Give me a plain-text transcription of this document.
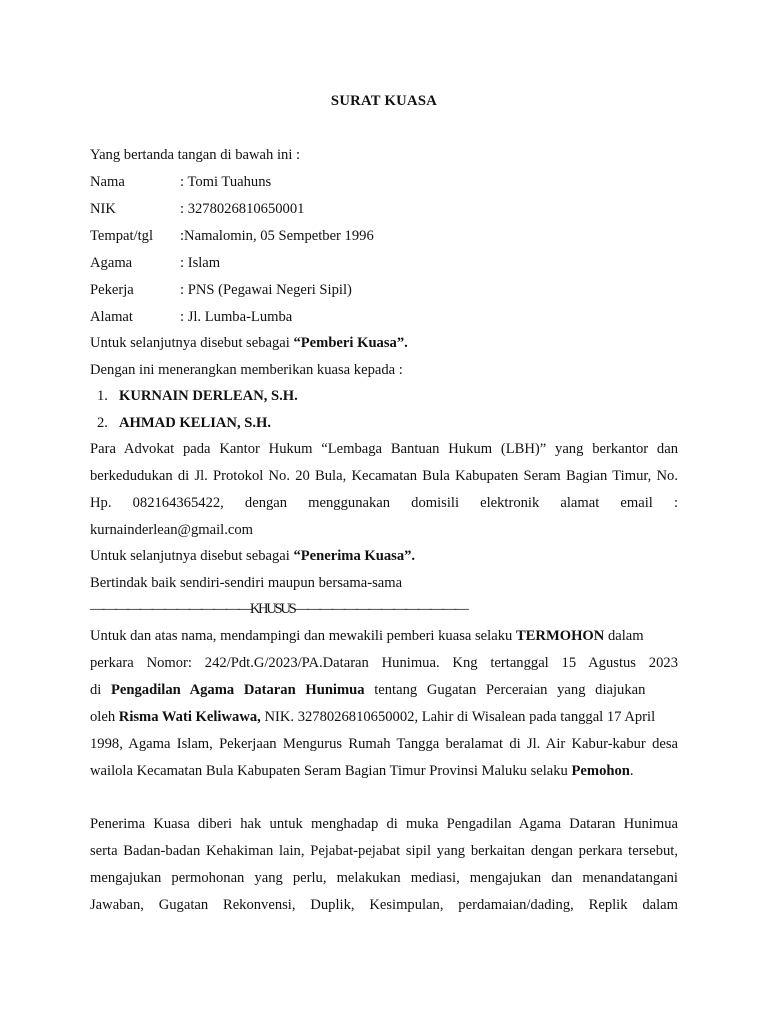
SURAT KUASA
Yang bertanda tangan di bawah ini :
Nama	: Tomi Tuahuns
NIK	: 3278026810650001
Tempat/tgl :Namalomin, 05 Sempetber 1996
Agama	: Islam
Pekerja	: PNS (Pegawai Negeri Sipil)
Alamat	: Jl. Lumba-Lumba
Untuk selanjutnya disebut sebagai “Pemberi Kuasa”.
Dengan ini menerangkan memberikan kuasa kepada :
1. KURNAIN DERLEAN, S.H.
2. AHMAD KELIAN, S.H.
Para Advokat pada Kantor Hukum “Lembaga Bantuan Hukum (LBH)” yang berkantor dan
berkedudukan di Jl. Protokol No. 20 Bula, Kecamatan Bula Kabupaten Seram Bagian Timur, No.
Hp. 082164365422, dengan menggunakan domisili elektronik alamat email :
kurnainderlean@gmail.com
Untuk selanjutnya disebut sebagai “Penerima Kuasa”.
Bertindak baik sendiri-sendiri maupun bersama-sama
—————————————KHUSUS——————————————
Untuk dan atas nama, mendampingi dan mewakili pemberi kuasa selaku TERMOHON dalam
perkara Nomor: 242/Pdt.G/2023/PA.Dataran Hunimua. Kng tertanggal 15 Agustus 2023
di Pengadilan Agama Dataran Hunimua tentang Gugatan Perceraian yang diajukan
oleh Risma Wati Keliwawa, NIK. 3278026810650002, Lahir di Wisalean pada tanggal 17 April
1998, Agama Islam, Pekerjaan Mengurus Rumah Tangga beralamat di Jl. Air Kabur-kabur desa
wailola Kecamatan Bula Kabupaten Seram Bagian Timur Provinsi Maluku selaku Pemohon.
Penerima Kuasa diberi hak untuk menghadap di muka Pengadilan Agama Dataran Hunimua
serta Badan-badan Kehakiman lain, Pejabat-pejabat sipil yang berkaitan dengan perkara tersebut,
mengajukan permohonan yang perlu, melakukan mediasi, mengajukan dan menandatangani
Jawaban, Gugatan Rekonvensi, Duplik, Kesimpulan, perdamaian/dading, Replik dalam
